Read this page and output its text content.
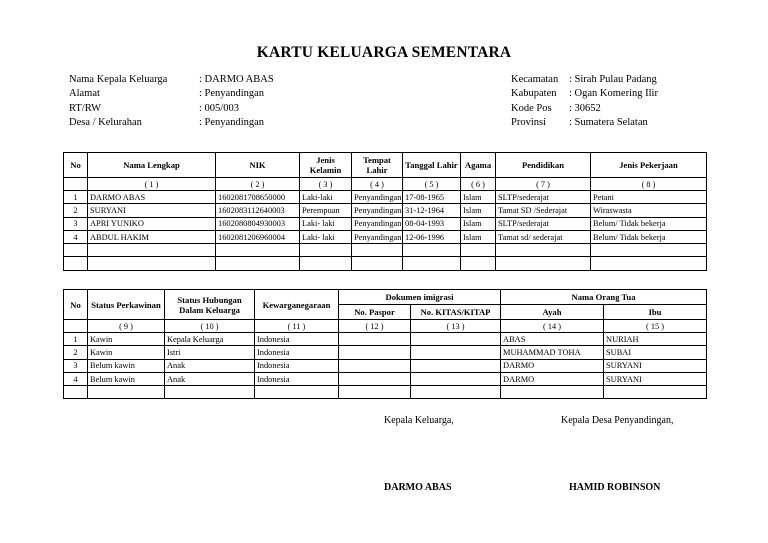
KARTU KELUARGA SEMENTARA
Nama Kepala Keluarga	: DARMO ABAS
Alamat	: Penyandingan
RT/RW	: 005/003
Desa / Kelurahan	: Penyandingan
Kecamatan : Sirah Pulau Padang
Kabupaten : Ogan Komering Ilir
Kode Pos : 30652
Provinsi : Sumatera Selatan
No	Nama Lengkap	NIK	Jenis Kelamin	Tempat Lahir	Tanggal Lahir	Agama	Pendidikan	Jenis Pekerjaan
	( 1 )	( 2 )	( 3 )	( 4 )	( 5 )	( 6 )	( 7 )	( 8 )
1	DARMO ABAS	1602081708650000	Laki-laki	Penyandingan	17-08-1965	Islam	SLTP/sederajat	Petani
2	SURYANI	1602083112640003	Perempuan	Penyandingan	31-12-1964	Islam	Tamat SD /Sederajat	Wiraswasta
3	APRI YUNIKO	1602080804930003	Laki- laki	Penyandingan	08-04-1993	Islam	SLTP/sederajat	Belum/ Tidak bekerja
4	ABDUL HAKIM	1602081206960004	Laki- laki	Penyandingan	12-06-1996	Islam	Tamat sd/ sederajat	Belum/ Tidak bekerja

No	Status Perkawinan	Status Hubungan Dalam Keluarga	Kewarganegaraan	Dokumen imigrasi		Nama Orang Tua	
				No. Paspor	No. KITAS/KITAP	Ayah	Ibu
	( 9 )	( 10 )	( 11 )	( 12 )	( 13 )	( 14 )	( 15 )
1	Kawin	Kepala Keluarga	Indonesia			ABAS	NURIAH
2	Kawin	Istri	Indonesia			MUHAMMAD TOHA	SUBAI
3	Belum kawin	Anak	Indonesia			DARMO	SURYANI
4	Belum kawin	Anak	Indonesia			DARMO	SURYANI

Kepala Keluarga,	Kepala Desa Penyandingan,
DARMO ABAS	HAMID ROBINSON
